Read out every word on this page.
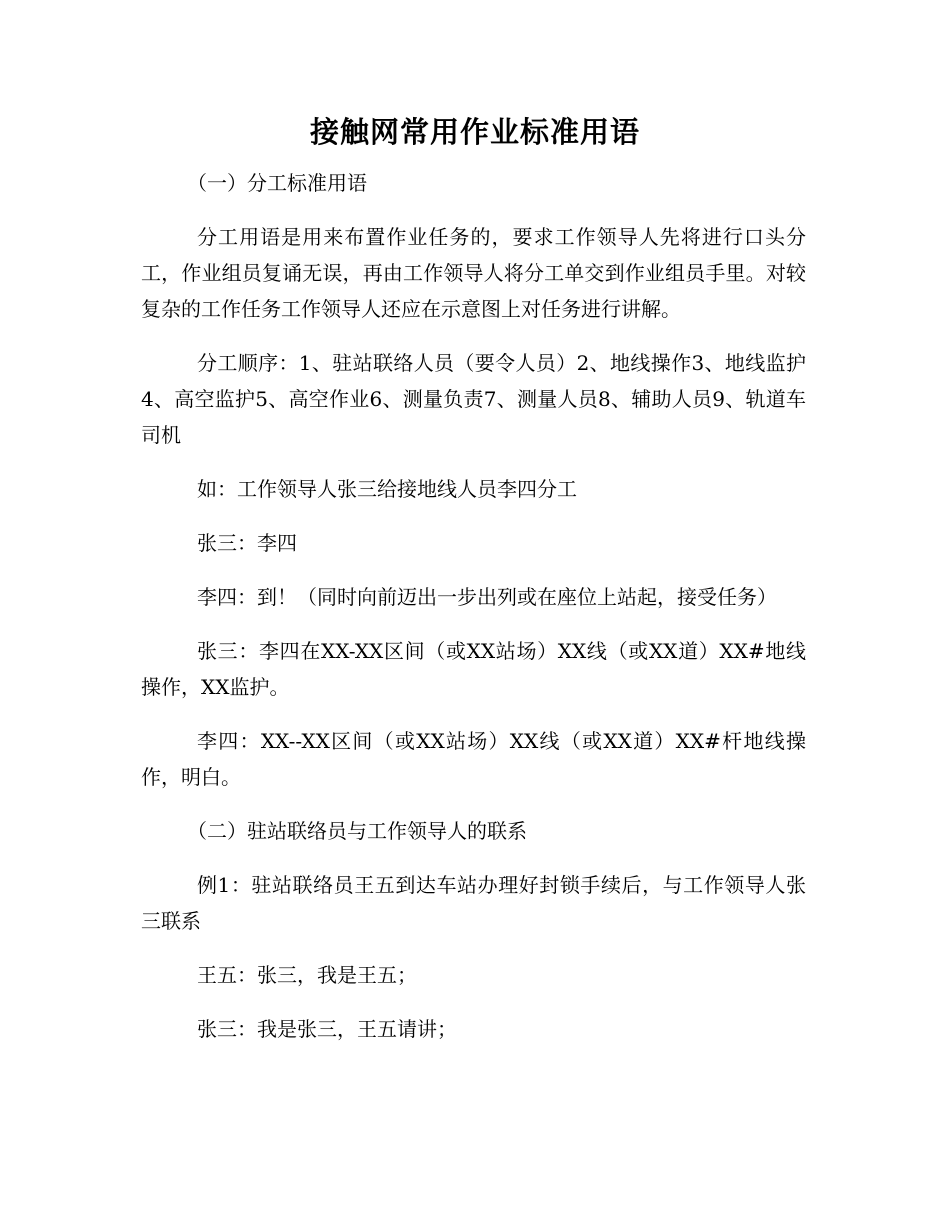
接触网常用作业标准用语

（一）分工标准用语

分工用语是用来布置作业任务的，要求工作领导人先将进行口头分工，作业组员复诵无误，再由工作领导人将分工单交到作业组员手里。对较复杂的工作任务工作领导人还应在示意图上对任务进行讲解。

分工顺序：1、驻站联络人员（要令人员）2、地线操作3、地线监护4、高空监护5、高空作业6、测量负责7、测量人员8、辅助人员9、轨道车司机

如：工作领导人张三给接地线人员李四分工

张三：李四

李四：到！（同时向前迈出一步出列或在座位上站起，接受任务）

张三：李四在XX-XX区间（或XX站场）XX线（或XX道）XX#地线操作，XX监护。

李四：XX--XX区间（或XX站场）XX线（或XX道）XX#杆地线操作，明白。

（二）驻站联络员与工作领导人的联系

例1：驻站联络员王五到达车站办理好封锁手续后，与工作领导人张三联系

王五：张三，我是王五；

张三：我是张三，王五请讲；
